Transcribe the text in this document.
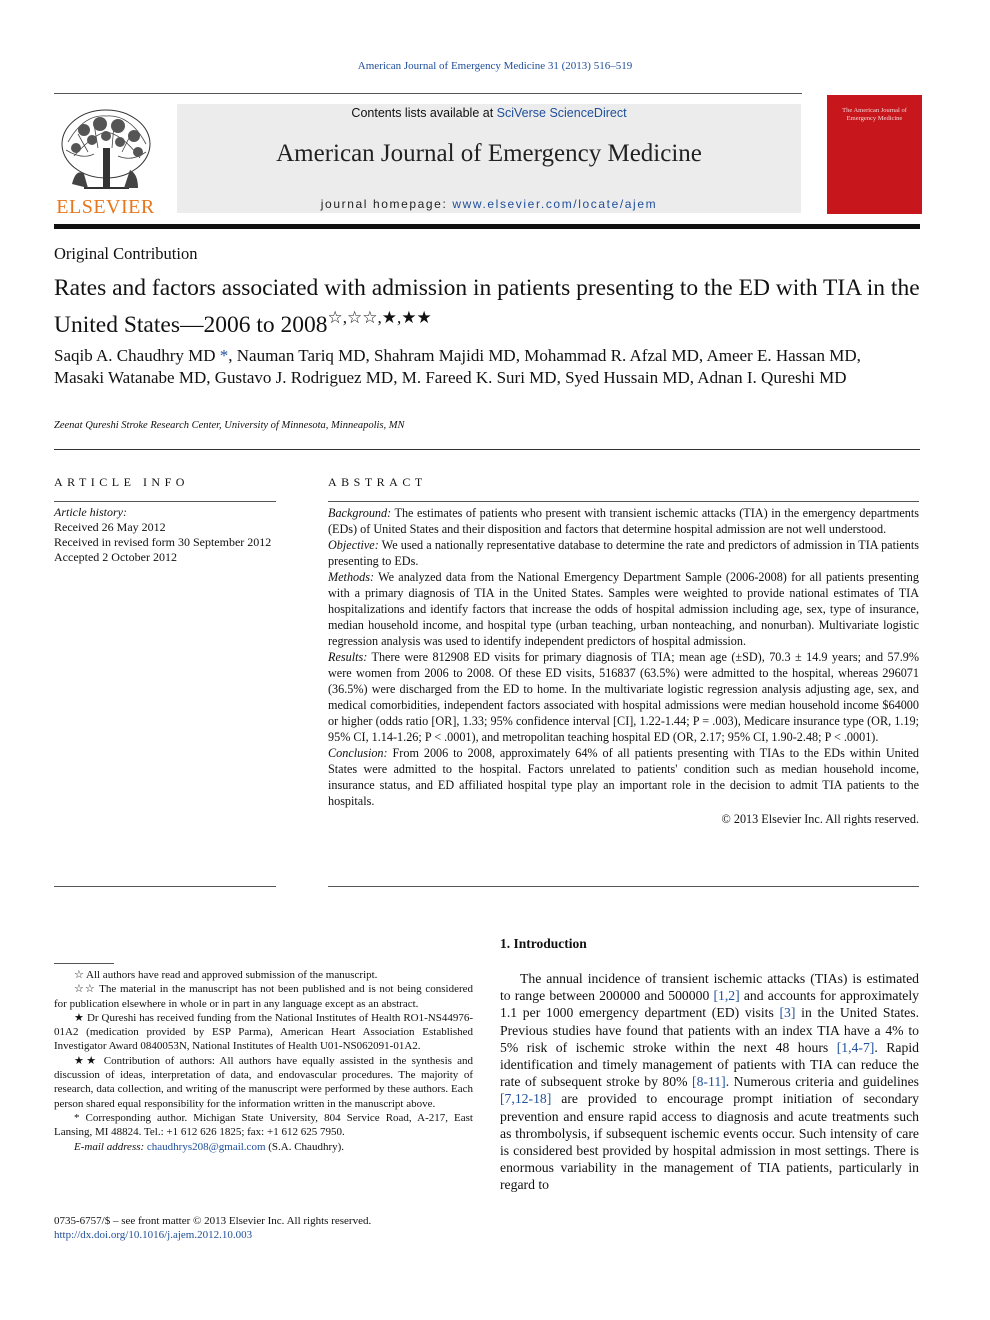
American Journal of Emergency Medicine 31 (2013) 516–519
ELSEVIER
Contents lists available at SciVerse ScienceDirect
American Journal of Emergency Medicine
journal homepage: www.elsevier.com/locate/ajem
The American Journal of Emergency Medicine
Original Contribution
Rates and factors associated with admission in patients presenting to the ED with TIA in the United States—2006 to 2008☆,☆☆,★,★★
Saqib A. Chaudhry MD *, Nauman Tariq MD, Shahram Majidi MD, Mohammad R. Afzal MD, Ameer E. Hassan MD, Masaki Watanabe MD, Gustavo J. Rodriguez MD, M. Fareed K. Suri MD, Syed Hussain MD, Adnan I. Qureshi MD
Zeenat Qureshi Stroke Research Center, University of Minnesota, Minneapolis, MN
ARTICLE INFO	ABSTRACT
Article history:
Received 26 May 2012
Received in revised form 30 September 2012
Accepted 2 October 2012

Background: The estimates of patients who present with transient ischemic attacks (TIA) in the emergency departments (EDs) of United States and their disposition and factors that determine hospital admission are not well understood.

Objective: We used a nationally representative database to determine the rate and predictors of admission in TIA patients presenting to EDs.

Methods: We analyzed data from the National Emergency Department Sample (2006-2008) for all patients presenting with a primary diagnosis of TIA in the United States. Samples were weighted to provide national estimates of TIA hospitalizations and identify factors that increase the odds of hospital admission including age, sex, type of insurance, median household income, and hospital type (urban teaching, urban nonteaching, and nonurban). Multivariate logistic regression analysis was used to identify independent predictors of hospital admission.

Results: There were 812908 ED visits for primary diagnosis of TIA; mean age (±SD), 70.3 ± 14.9 years; and 57.9% were women from 2006 to 2008. Of these ED visits, 516837 (63.5%) were admitted to the hospital, whereas 296071 (36.5%) were discharged from the ED to home. In the multivariate logistic regression analysis adjusting age, sex, and medical comorbidities, independent factors associated with hospital admissions were median household income $64000 or higher (odds ratio [OR], 1.33; 95% confidence interval [CI], 1.22-1.44; P = .003), Medicare insurance type (OR, 1.19; 95% CI, 1.14-1.26; P < .0001), and metropolitan teaching hospital ED (OR, 2.17; 95% CI, 1.90-2.48; P < .0001).

Conclusion: From 2006 to 2008, approximately 64% of all patients presenting with TIAs to the EDs within United States were admitted to the hospital. Factors unrelated to patients' condition such as median household income, insurance status, and ED affiliated hospital type play an important role in the decision to admit TIA patients to the hospitals.

© 2013 Elsevier Inc. All rights reserved.

☆ All authors have read and approved submission of the manuscript.

☆☆ The material in the manuscript has not been published and is not being considered for publication elsewhere in whole or in part in any language except as an abstract.

★ Dr Qureshi has received funding from the National Institutes of Health RO1-NS44976-01A2 (medication provided by ESP Parma), American Heart Association Established Investigator Award 0840053N, National Institutes of Health U01-NS062091-01A2.

★★ Contribution of authors: All authors have equally assisted in the synthesis and discussion of ideas, interpretation of data, and endovascular procedures. The majority of research, data collection, and writing of the manuscript were performed by these authors. Each person shared equal responsibility for the information written in the manuscript above.

* Corresponding author. Michigan State University, 804 Service Road, A-217, East Lansing, MI 48824. Tel.: +1 612 626 1825; fax: +1 612 625 7950.

E-mail address: chaudhrys208@gmail.com (S.A. Chaudhry).

1. Introduction
The annual incidence of transient ischemic attacks (TIAs) is estimated to range between 200000 and 500000 [1,2] and accounts for approximately 1.1 per 1000 emergency department (ED) visits [3] in the United States. Previous studies have found that patients with an index TIA have a 4% to 5% risk of ischemic stroke within the next 48 hours [1,4-7]. Rapid identification and timely management of patients with TIA can reduce the rate of subsequent stroke by 80% [8-11]. Numerous criteria and guidelines [7,12-18] are provided to encourage prompt initiation of secondary prevention and ensure rapid access to diagnosis and acute treatments such as thrombolysis, if subsequent ischemic events occur. Such intensity of care is considered best provided by hospital admission in most settings. There is enormous variability in the management of TIA patients, particularly in regard to
0735-6757/$ – see front matter © 2013 Elsevier Inc. All rights reserved.
http://dx.doi.org/10.1016/j.ajem.2012.10.003
